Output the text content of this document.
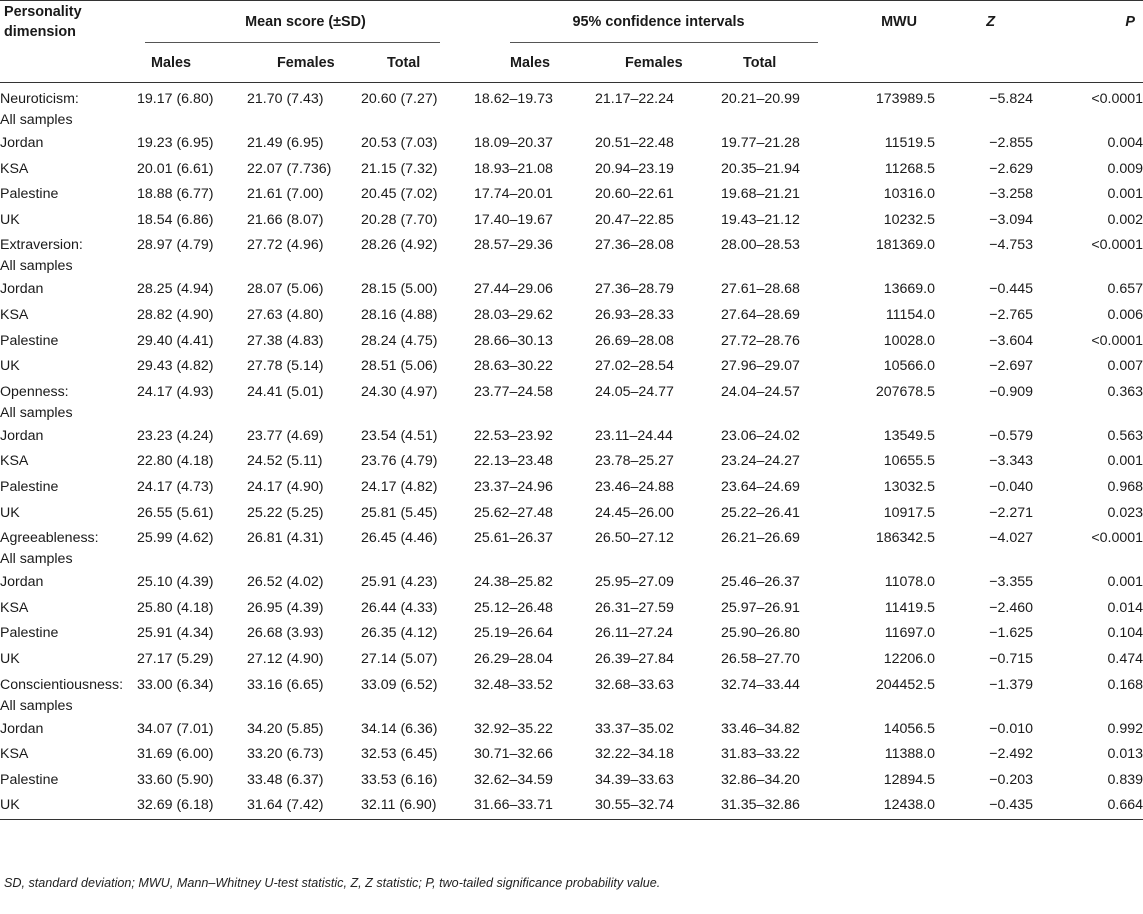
Personality dimension	Mean score (±SD)			95% confidence intervals			MWU	Z	P
	Males	Females	Total	Males	Females	Total			

Neuroticism:
All samples	19.17 (6.80)	21.70 (7.43)	20.60 (7.27)	18.62–19.73	21.17–22.24	20.21–20.99	173989.5	−5.824	<0.0001

Jordan	19.23 (6.95)	21.49 (6.95)	20.53 (7.03)	18.09–20.37	20.51–22.48	19.77–21.28	11519.5	−2.855	0.004

KSA	20.01 (6.61)	22.07 (7.736)	21.15 (7.32)	18.93–21.08	20.94–23.19	20.35–21.94	11268.5	−2.629	0.009

Palestine	18.88 (6.77)	21.61 (7.00)	20.45 (7.02)	17.74–20.01	20.60–22.61	19.68–21.21	10316.0	−3.258	0.001

UK	18.54 (6.86)	21.66 (8.07)	20.28 (7.70)	17.40–19.67	20.47–22.85	19.43–21.12	10232.5	−3.094	0.002

Extraversion:
All samples	28.97 (4.79)	27.72 (4.96)	28.26 (4.92)	28.57–29.36	27.36–28.08	28.00–28.53	181369.0	−4.753	<0.0001

Jordan	28.25 (4.94)	28.07 (5.06)	28.15 (5.00)	27.44–29.06	27.36–28.79	27.61–28.68	13669.0	−0.445	0.657

KSA	28.82 (4.90)	27.63 (4.80)	28.16 (4.88)	28.03–29.62	26.93–28.33	27.64–28.69	11154.0	−2.765	0.006

Palestine	29.40 (4.41)	27.38 (4.83)	28.24 (4.75)	28.66–30.13	26.69–28.08	27.72–28.76	10028.0	−3.604	<0.0001

UK	29.43 (4.82)	27.78 (5.14)	28.51 (5.06)	28.63–30.22	27.02–28.54	27.96–29.07	10566.0	−2.697	0.007

Openness:
All samples	24.17 (4.93)	24.41 (5.01)	24.30 (4.97)	23.77–24.58	24.05–24.77	24.04–24.57	207678.5	−0.909	0.363

Jordan	23.23 (4.24)	23.77 (4.69)	23.54 (4.51)	22.53–23.92	23.11–24.44	23.06–24.02	13549.5	−0.579	0.563

KSA	22.80 (4.18)	24.52 (5.11)	23.76 (4.79)	22.13–23.48	23.78–25.27	23.24–24.27	10655.5	−3.343	0.001

Palestine	24.17 (4.73)	24.17 (4.90)	24.17 (4.82)	23.37–24.96	23.46–24.88	23.64–24.69	13032.5	−0.040	0.968

UK	26.55 (5.61)	25.22 (5.25)	25.81 (5.45)	25.62–27.48	24.45–26.00	25.22–26.41	10917.5	−2.271	0.023

Agreeableness:
All samples	25.99 (4.62)	26.81 (4.31)	26.45 (4.46)	25.61–26.37	26.50–27.12	26.21–26.69	186342.5	−4.027	<0.0001

Jordan	25.10 (4.39)	26.52 (4.02)	25.91 (4.23)	24.38–25.82	25.95–27.09	25.46–26.37	11078.0	−3.355	0.001

KSA	25.80 (4.18)	26.95 (4.39)	26.44 (4.33)	25.12–26.48	26.31–27.59	25.97–26.91	11419.5	−2.460	0.014

Palestine	25.91 (4.34)	26.68 (3.93)	26.35 (4.12)	25.19–26.64	26.11–27.24	25.90–26.80	11697.0	−1.625	0.104

UK	27.17 (5.29)	27.12 (4.90)	27.14 (5.07)	26.29–28.04	26.39–27.84	26.58–27.70	12206.0	−0.715	0.474

Conscientiousness:
All samples	33.00 (6.34)	33.16 (6.65)	33.09 (6.52)	32.48–33.52	32.68–33.63	32.74–33.44	204452.5	−1.379	0.168

Jordan	34.07 (7.01)	34.20 (5.85)	34.14 (6.36)	32.92–35.22	33.37–35.02	33.46–34.82	14056.5	−0.010	0.992

KSA	31.69 (6.00)	33.20 (6.73)	32.53 (6.45)	30.71–32.66	32.22–34.18	31.83–33.22	11388.0	−2.492	0.013

Palestine	33.60 (5.90)	33.48 (6.37)	33.53 (6.16)	32.62–34.59	34.39–33.63	32.86–34.20	12894.5	−0.203	0.839

UK	32.69 (6.18)	31.64 (7.42)	32.11 (6.90)	31.66–33.71	30.55–32.74	31.35–32.86	12438.0	−0.435	0.664
SD, standard deviation; MWU, Mann–Whitney U-test statistic, Z, Z statistic; P, two-tailed significance probability value.
